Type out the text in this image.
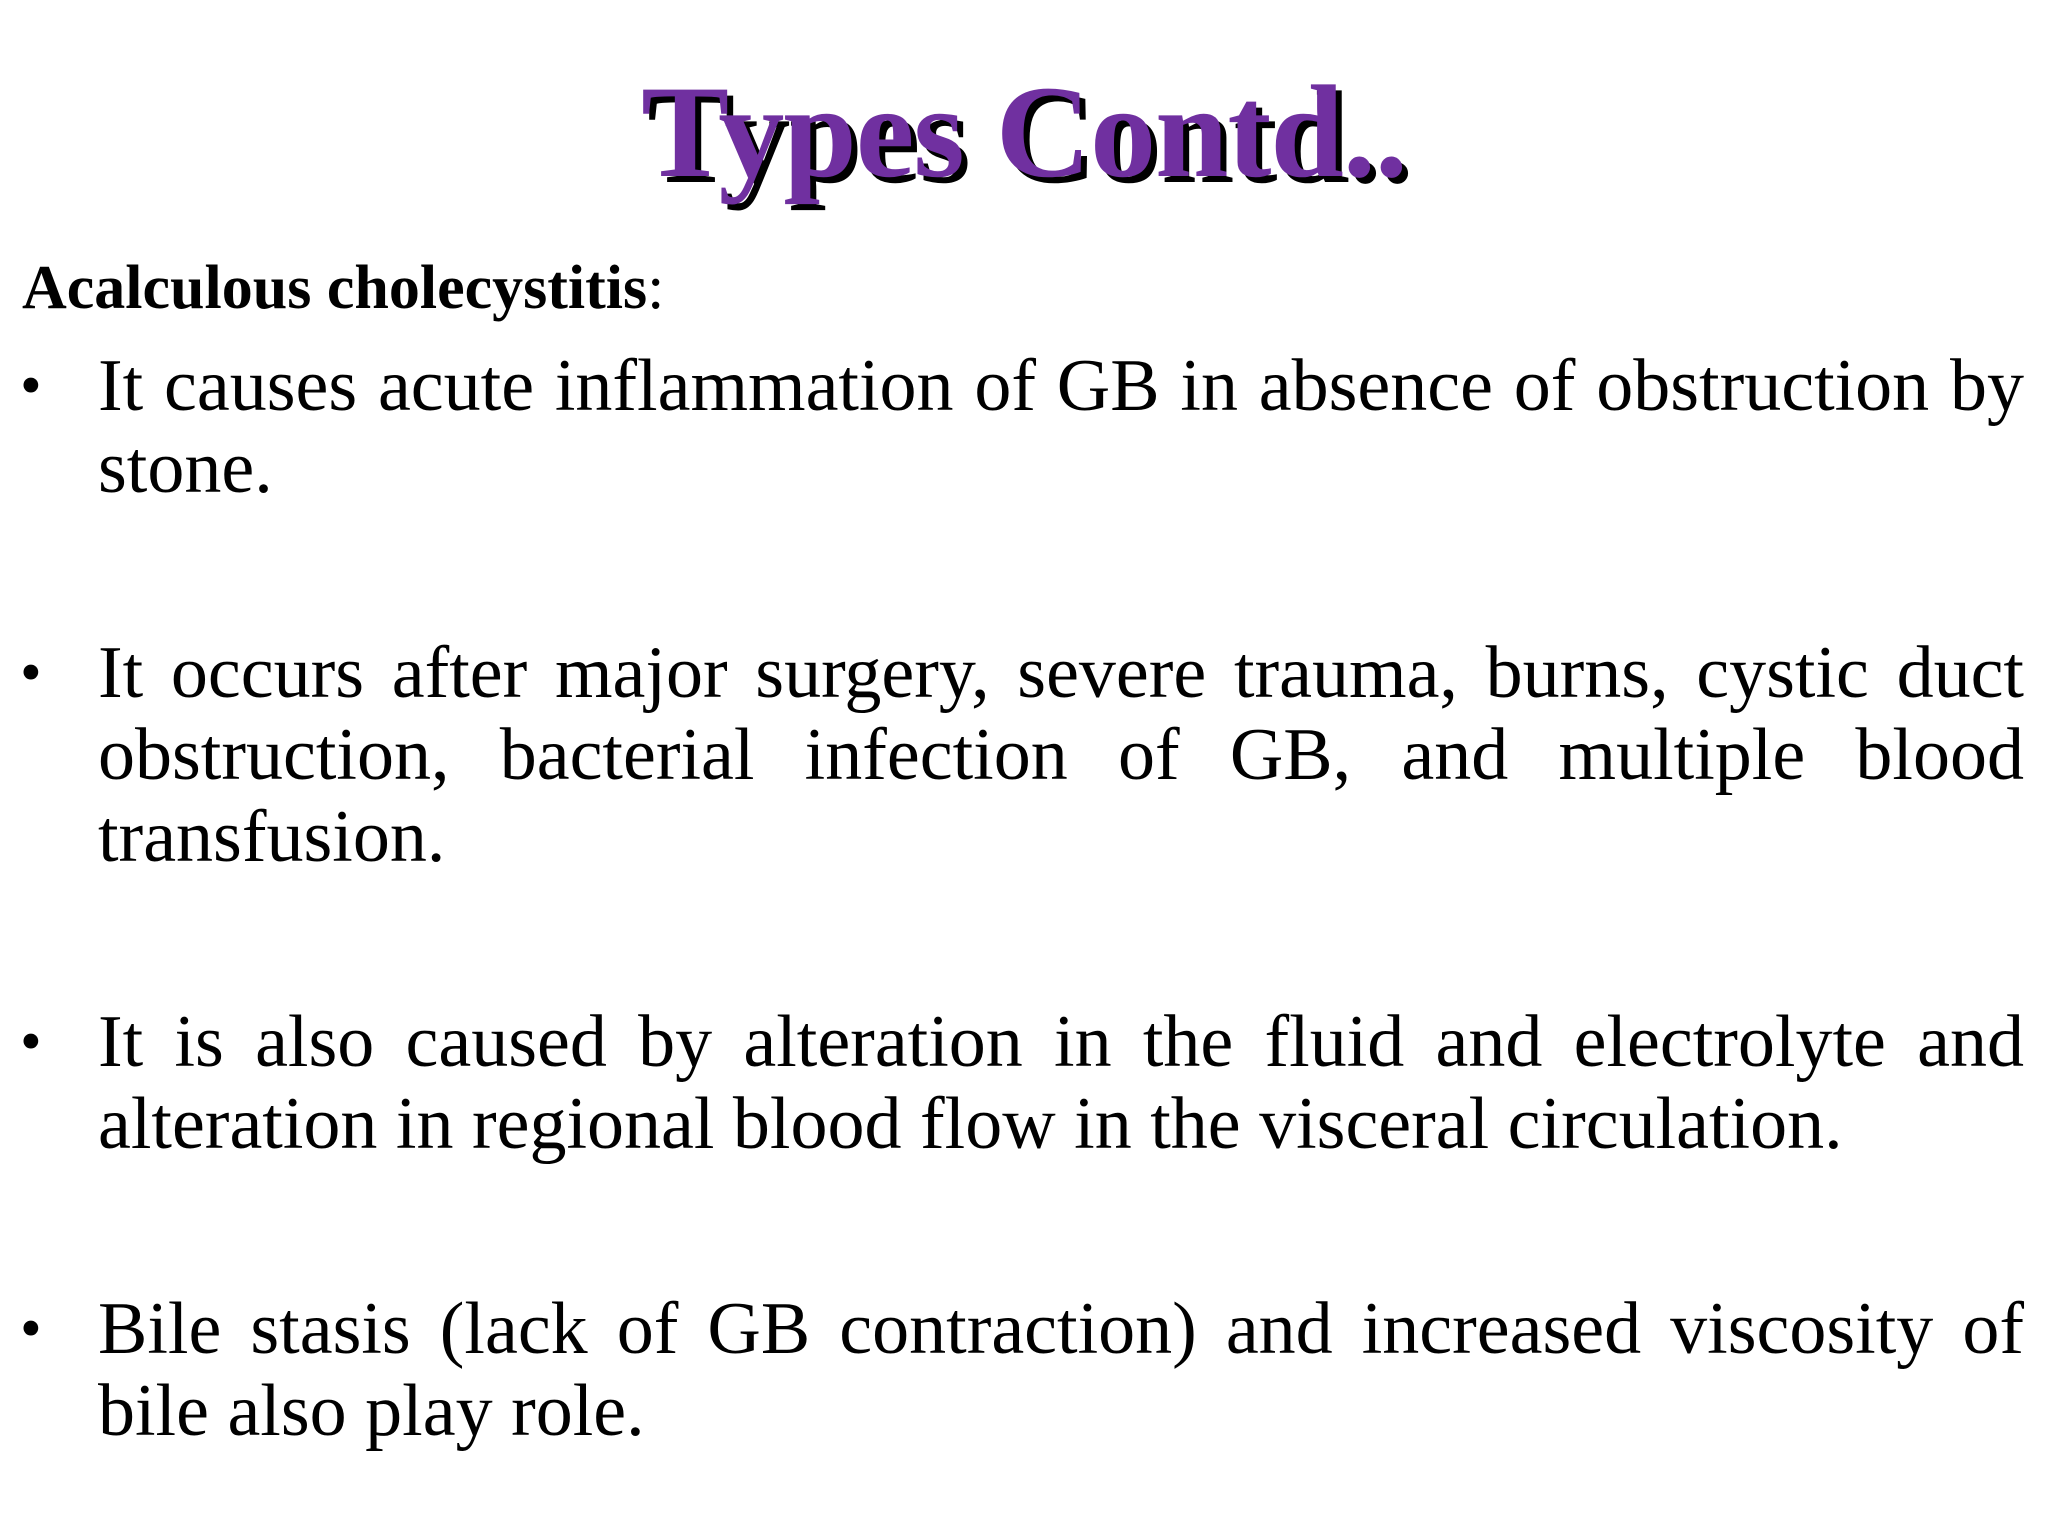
Types Contd..
Acalculous cholecystitis:
• It causes acute inflammation of GB in absence of obstruction by stone.
• It occurs after major surgery, severe trauma, burns, cystic duct obstruction, bacterial infection of GB, and multiple blood transfusion.
• It is also caused by alteration in the fluid and electrolyte and alteration in regional blood flow in the visceral circulation.
• Bile stasis (lack of GB contraction) and increased viscosity of bile also play role.
